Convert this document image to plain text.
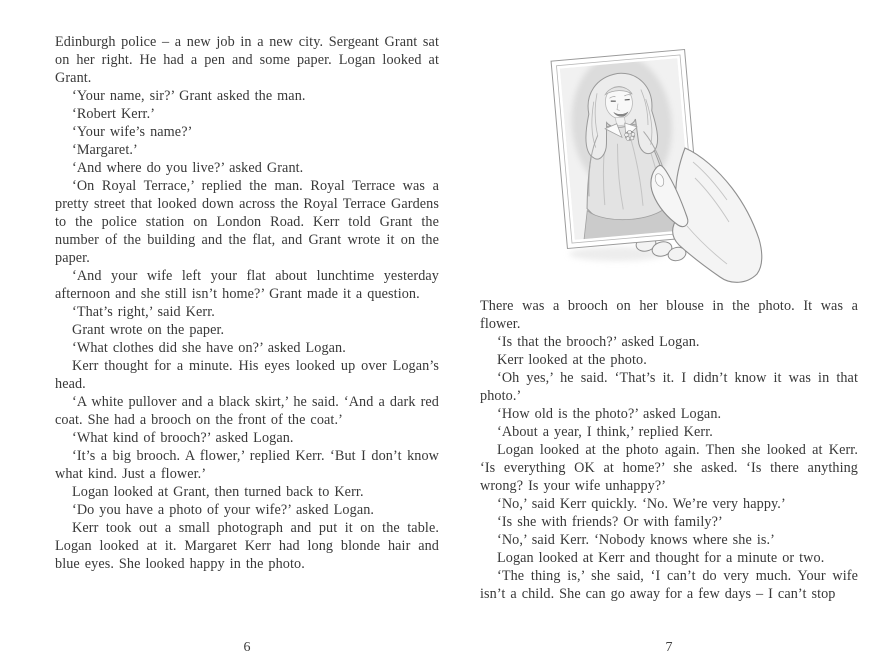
Edinburgh police – a new job in a new city. Sergeant Grant sat on her right. He had a pen and some paper. Logan looked at Grant.

‘Your name, sir?’ Grant asked the man.

‘Robert Kerr.’

‘Your wife’s name?’

‘Margaret.’

‘And where do you live?’ asked Grant.

‘On Royal Terrace,’ replied the man. Royal Terrace was a pretty street that looked down across the Royal Terrace Gardens to the police station on London Road. Kerr told Grant the number of the building and the flat, and Grant wrote it on the paper.

‘And your wife left your flat about lunchtime yesterday afternoon and she still isn’t home?’ Grant made it a question.

‘That’s right,’ said Kerr.

Grant wrote on the paper.

‘What clothes did she have on?’ asked Logan.

Kerr thought for a minute. His eyes looked up over Logan’s head.

‘A white pullover and a black skirt,’ he said. ‘And a dark red coat. She had a brooch on the front of the coat.’

‘What kind of brooch?’ asked Logan.

‘It’s a big brooch. A flower,’ replied Kerr. ‘But I don’t know what kind. Just a flower.’

Logan looked at Grant, then turned back to Kerr.

‘Do you have a photo of your wife?’ asked Logan.

Kerr took out a small photograph and put it on the table. Logan looked at it. Margaret Kerr had long blonde hair and blue eyes. She looked happy in the photo.

6

There was a brooch on her blouse in the photo. It was a flower.

‘Is that the brooch?’ asked Logan.

Kerr looked at the photo.

‘Oh yes,’ he said. ‘That’s it. I didn’t know it was in that photo.’

‘How old is the photo?’ asked Logan.

‘About a year, I think,’ replied Kerr.

Logan looked at the photo again. Then she looked at Kerr. ‘Is everything OK at home?’ she asked. ‘Is there anything wrong? Is your wife unhappy?’

‘No,’ said Kerr quickly. ‘No. We’re very happy.’

‘Is she with friends? Or with family?’

‘No,’ said Kerr. ‘Nobody knows where she is.’

Logan looked at Kerr and thought for a minute or two.

‘The thing is,’ she said, ‘I can’t do very much. Your wife isn’t a child. She can go away for a few days – I can’t stop

7
